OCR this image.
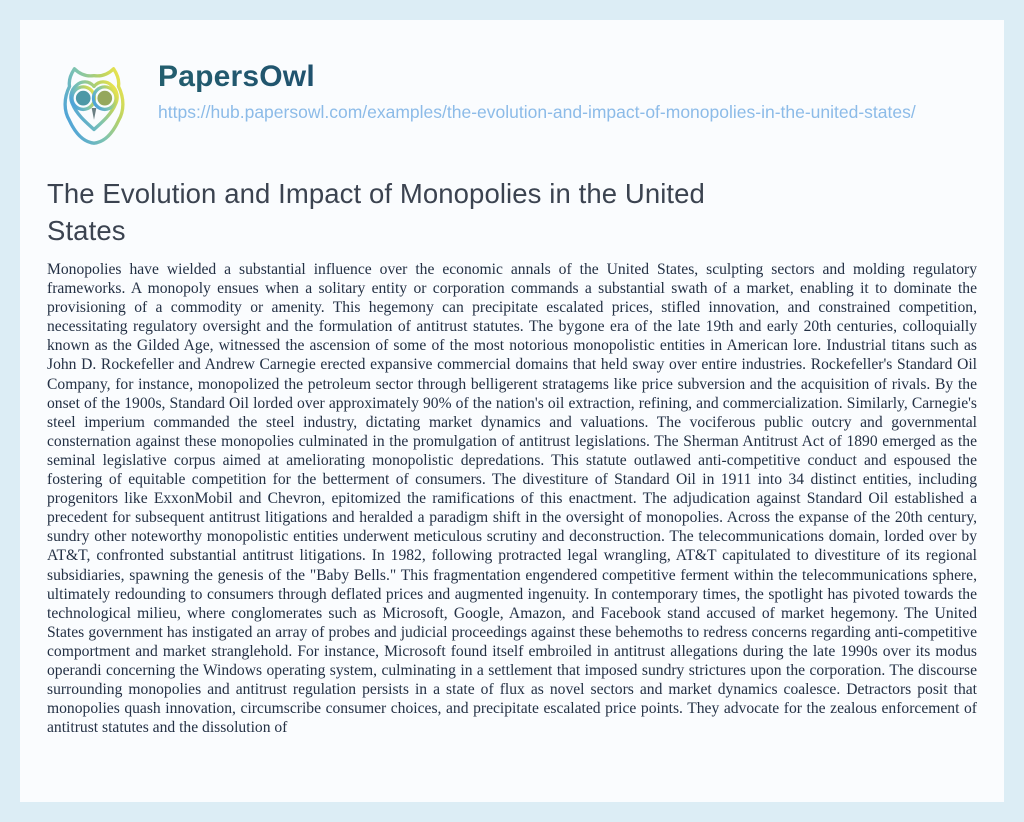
PapersOwl
https://hub.papersowl.com/examples/the-evolution-and-impact-of-monopolies-in-the-united-states/
The Evolution and Impact of Monopolies in the United States

Monopolies have wielded a substantial influence over the economic annals of the United States, sculpting sectors and molding regulatory frameworks. A monopoly ensues when a solitary entity or corporation commands a substantial swath of a market, enabling it to dominate the provisioning of a commodity or amenity. This hegemony can precipitate escalated prices, stifled innovation, and constrained competition, necessitating regulatory oversight and the formulation of antitrust statutes. The bygone era of the late 19th and early 20th centuries, colloquially known as the Gilded Age, witnessed the ascension of some of the most notorious monopolistic entities in American lore. Industrial titans such as John D. Rockefeller and Andrew Carnegie erected expansive commercial domains that held sway over entire industries. Rockefeller's Standard Oil Company, for instance, monopolized the petroleum sector through belligerent stratagems like price subversion and the acquisition of rivals. By the onset of the 1900s, Standard Oil lorded over approximately 90% of the nation's oil extraction, refining, and commercialization. Similarly, Carnegie's steel imperium commanded the steel industry, dictating market dynamics and valuations. The vociferous public outcry and governmental consternation against these monopolies culminated in the promulgation of antitrust legislations. The Sherman Antitrust Act of 1890 emerged as the seminal legislative corpus aimed at ameliorating monopolistic depredations. This statute outlawed anti-competitive conduct and espoused the fostering of equitable competition for the betterment of consumers. The divestiture of Standard Oil in 1911 into 34 distinct entities, including progenitors like ExxonMobil and Chevron, epitomized the ramifications of this enactment. The adjudication against Standard Oil established a precedent for subsequent antitrust litigations and heralded a paradigm shift in the oversight of monopolies. Across the expanse of the 20th century, sundry other noteworthy monopolistic entities underwent meticulous scrutiny and deconstruction. The telecommunications domain, lorded over by AT&T, confronted substantial antitrust litigations. In 1982, following protracted legal wrangling, AT&T capitulated to divestiture of its regional subsidiaries, spawning the genesis of the "Baby Bells." This fragmentation engendered competitive ferment within the telecommunications sphere, ultimately redounding to consumers through deflated prices and augmented ingenuity. In contemporary times, the spotlight has pivoted towards the technological milieu, where conglomerates such as Microsoft, Google, Amazon, and Facebook stand accused of market hegemony. The United States government has instigated an array of probes and judicial proceedings against these behemoths to redress concerns regarding anti-competitive comportment and market stranglehold. For instance, Microsoft found itself embroiled in antitrust allegations during the late 1990s over its modus operandi concerning the Windows operating system, culminating in a settlement that imposed sundry strictures upon the corporation. The discourse surrounding monopolies and antitrust regulation persists in a state of flux as novel sectors and market dynamics coalesce. Detractors posit that monopolies quash innovation, circumscribe consumer choices, and precipitate escalated price points. They advocate for the zealous enforcement of antitrust statutes and the dissolution of
